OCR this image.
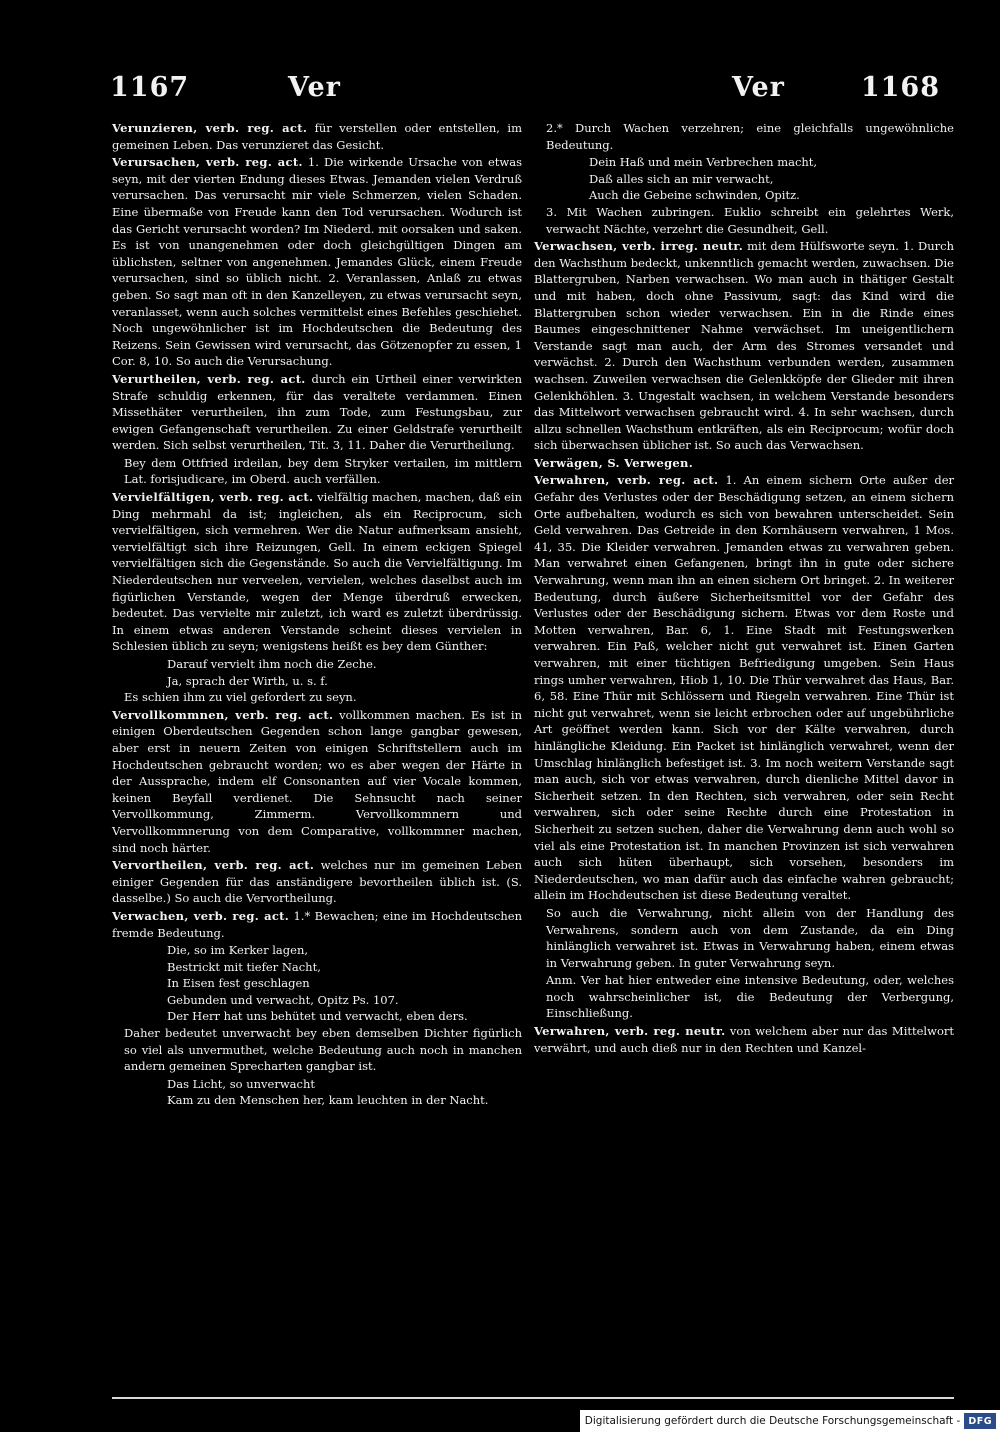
1167	Ver	Ver	1168

Verunzieren, verb. reg. act. für verstellen oder entstellen, im gemeinen Leben. Das verunzieret das Gesicht.

Verursachen, verb. reg. act. 1. Die wirkende Ursache von etwas seyn, mit der vierten Endung dieses Etwas. Jemanden vielen Verdruß verursachen. Das verursacht mir viele Schmerzen, vielen Schaden. Eine übermaße von Freude kann den Tod verursachen. Wodurch ist das Gericht verursacht worden? Im Niederd. mit oorsaken und saken. Es ist von unangenehmen oder doch gleichgültigen Dingen am üblichsten, seltner von angenehmen. Jemandes Glück, einem Freude verursachen, sind so üblich nicht. 2. Veranlassen, Anlaß zu etwas geben. So sagt man oft in den Kanzelleyen, zu etwas verursacht seyn, veranlasset, wenn auch solches vermittelst eines Befehles geschiehet. Noch ungewöhnlicher ist im Hochdeutschen die Bedeutung des Reizens. Sein Gewissen wird verursacht, das Götzenopfer zu essen, 1 Cor. 8, 10. So auch die Verursachung.

Verurtheilen, verb. reg. act. durch ein Urtheil einer verwirkten Strafe schuldig erkennen, für das veraltete verdammen. Einen Missethäter verurtheilen, ihn zum Tode, zum Festungsbau, zur ewigen Gefangenschaft verurtheilen. Zu einer Geldstrafe verurtheilt werden. Sich selbst verurtheilen, Tit. 3, 11. Daher die Verurtheilung.

Bey dem Ottfried irdeilan, bey dem Stryker vertailen, im mittlern Lat. forisjudicare, im Oberd. auch verfällen.

Vervielfältigen, verb. reg. act. vielfältig machen, machen, daß ein Ding mehrmahl da ist; ingleichen, als ein Reciprocum, sich vervielfältigen, sich vermehren. Wer die Natur aufmerksam ansieht, vervielfältigt sich ihre Reizungen, Gell. In einem eckigen Spiegel vervielfältigen sich die Gegenstände. So auch die Vervielfältigung. Im Niederdeutschen nur verveelen, vervielen, welches daselbst auch im figürlichen Verstande, wegen der Menge überdruß erwecken, bedeutet. Das vervielte mir zuletzt, ich ward es zuletzt überdrüssig. In einem etwas anderen Verstande scheint dieses vervielen in Schlesien üblich zu seyn; wenigstens heißt es bey dem Günther:

Darauf vervielt ihm noch die Zeche.
Ja, sprach der Wirth, u. s. f.

Es schien ihm zu viel gefordert zu seyn.

Vervollkommnen, verb. reg. act. vollkommen machen. Es ist in einigen Oberdeutschen Gegenden schon lange gangbar gewesen, aber erst in neuern Zeiten von einigen Schriftstellern auch im Hochdeutschen gebraucht worden; wo es aber wegen der Härte in der Aussprache, indem elf Consonanten auf vier Vocale kommen, keinen Beyfall verdienet. Die Sehnsucht nach seiner Vervollkommung, Zimmerm. Vervollkommnern und Vervollkommnerung von dem Comparative, vollkommner machen, sind noch härter.

Vervortheilen, verb. reg. act. welches nur im gemeinen Leben einiger Gegenden für das anständigere bevortheilen üblich ist. (S. dasselbe.) So auch die Vervortheilung.

Verwachen, verb. reg. act. 1.* Bewachen; eine im Hochdeutschen fremde Bedeutung.

Die, so im Kerker lagen,
Bestrickt mit tiefer Nacht,
In Eisen fest geschlagen
Gebunden und verwacht, Opitz Ps. 107.
Der Herr hat uns behütet und verwacht, eben ders.

Daher bedeutet unverwacht bey eben demselben Dichter figürlich so viel als unvermuthet, welche Bedeutung auch noch in manchen andern gemeinen Sprecharten gangbar ist.

Das Licht, so unverwacht
Kam zu den Menschen her, kam leuchten in der Nacht.

2.* Durch Wachen verzehren; eine gleichfalls ungewöhnliche Bedeutung.

Dein Haß und mein Verbrechen macht,
Daß alles sich an mir verwacht,
Auch die Gebeine schwinden, Opitz.

3. Mit Wachen zubringen. Euklio schreibt ein gelehrtes Werk, verwacht Nächte, verzehrt die Gesundheit, Gell.

Verwachsen, verb. irreg. neutr. mit dem Hülfsworte seyn. 1. Durch den Wachsthum bedeckt, unkenntlich gemacht werden, zuwachsen. Die Blattergruben, Narben verwachsen. Wo man auch in thätiger Gestalt und mit haben, doch ohne Passivum, sagt: das Kind wird die Blattergruben schon wieder verwachsen. Ein in die Rinde eines Baumes eingeschnittener Nahme verwächset. Im uneigentlichern Verstande sagt man auch, der Arm des Stromes versandet und verwächst. 2. Durch den Wachsthum verbunden werden, zusammen wachsen. Zuweilen verwachsen die Gelenkköpfe der Glieder mit ihren Gelenkhöhlen. 3. Ungestalt wachsen, in welchem Verstande besonders das Mittelwort verwachsen gebraucht wird. 4. In sehr wachsen, durch allzu schnellen Wachsthum entkräften, als ein Reciprocum; wofür doch sich überwachsen üblicher ist. So auch das Verwachsen.

Verwägen, S. Verwegen.

Verwahren, verb. reg. act. 1. An einem sichern Orte außer der Gefahr des Verlustes oder der Beschädigung setzen, an einem sichern Orte aufbehalten, wodurch es sich von bewahren unterscheidet. Sein Geld verwahren. Das Getreide in den Kornhäusern verwahren, 1 Mos. 41, 35. Die Kleider verwahren. Jemanden etwas zu verwahren geben. Man verwahret einen Gefangenen, bringt ihn in gute oder sichere Verwahrung, wenn man ihn an einen sichern Ort bringet. 2. In weiterer Bedeutung, durch äußere Sicherheitsmittel vor der Gefahr des Verlustes oder der Beschädigung sichern. Etwas vor dem Roste und Motten verwahren, Bar. 6, 1. Eine Stadt mit Festungswerken verwahren. Ein Paß, welcher nicht gut verwahret ist. Einen Garten verwahren, mit einer tüchtigen Befriedigung umgeben. Sein Haus rings umher verwahren, Hiob 1, 10. Die Thür verwahret das Haus, Bar. 6, 58. Eine Thür mit Schlössern und Riegeln verwahren. Eine Thür ist nicht gut verwahret, wenn sie leicht erbrochen oder auf ungebührliche Art geöffnet werden kann. Sich vor der Kälte verwahren, durch hinlängliche Kleidung. Ein Packet ist hinlänglich verwahret, wenn der Umschlag hinlänglich befestiget ist. 3. Im noch weitern Verstande sagt man auch, sich vor etwas verwahren, durch dienliche Mittel davor in Sicherheit setzen. In den Rechten, sich verwahren, oder sein Recht verwahren, sich oder seine Rechte durch eine Protestation in Sicherheit zu setzen suchen, daher die Verwahrung denn auch wohl so viel als eine Protestation ist. In manchen Provinzen ist sich verwahren auch sich hüten überhaupt, sich vorsehen, besonders im Niederdeutschen, wo man dafür auch das einfache wahren gebraucht; allein im Hochdeutschen ist diese Bedeutung veraltet.

So auch die Verwahrung, nicht allein von der Handlung des Verwahrens, sondern auch von dem Zustande, da ein Ding hinlänglich verwahret ist. Etwas in Verwahrung haben, einem etwas in Verwahrung geben. In guter Verwahrung seyn.

Anm. Ver hat hier entweder eine intensive Bedeutung, oder, welches noch wahrscheinlicher ist, die Bedeutung der Verbergung, Einschließung.

Verwahren, verb. reg. neutr. von welchem aber nur das Mittelwort verwährt, und auch dieß nur in den Rechten und Kanzel-

Digitalisierung gefördert durch die Deutsche Forschungsgemeinschaft - DFG
